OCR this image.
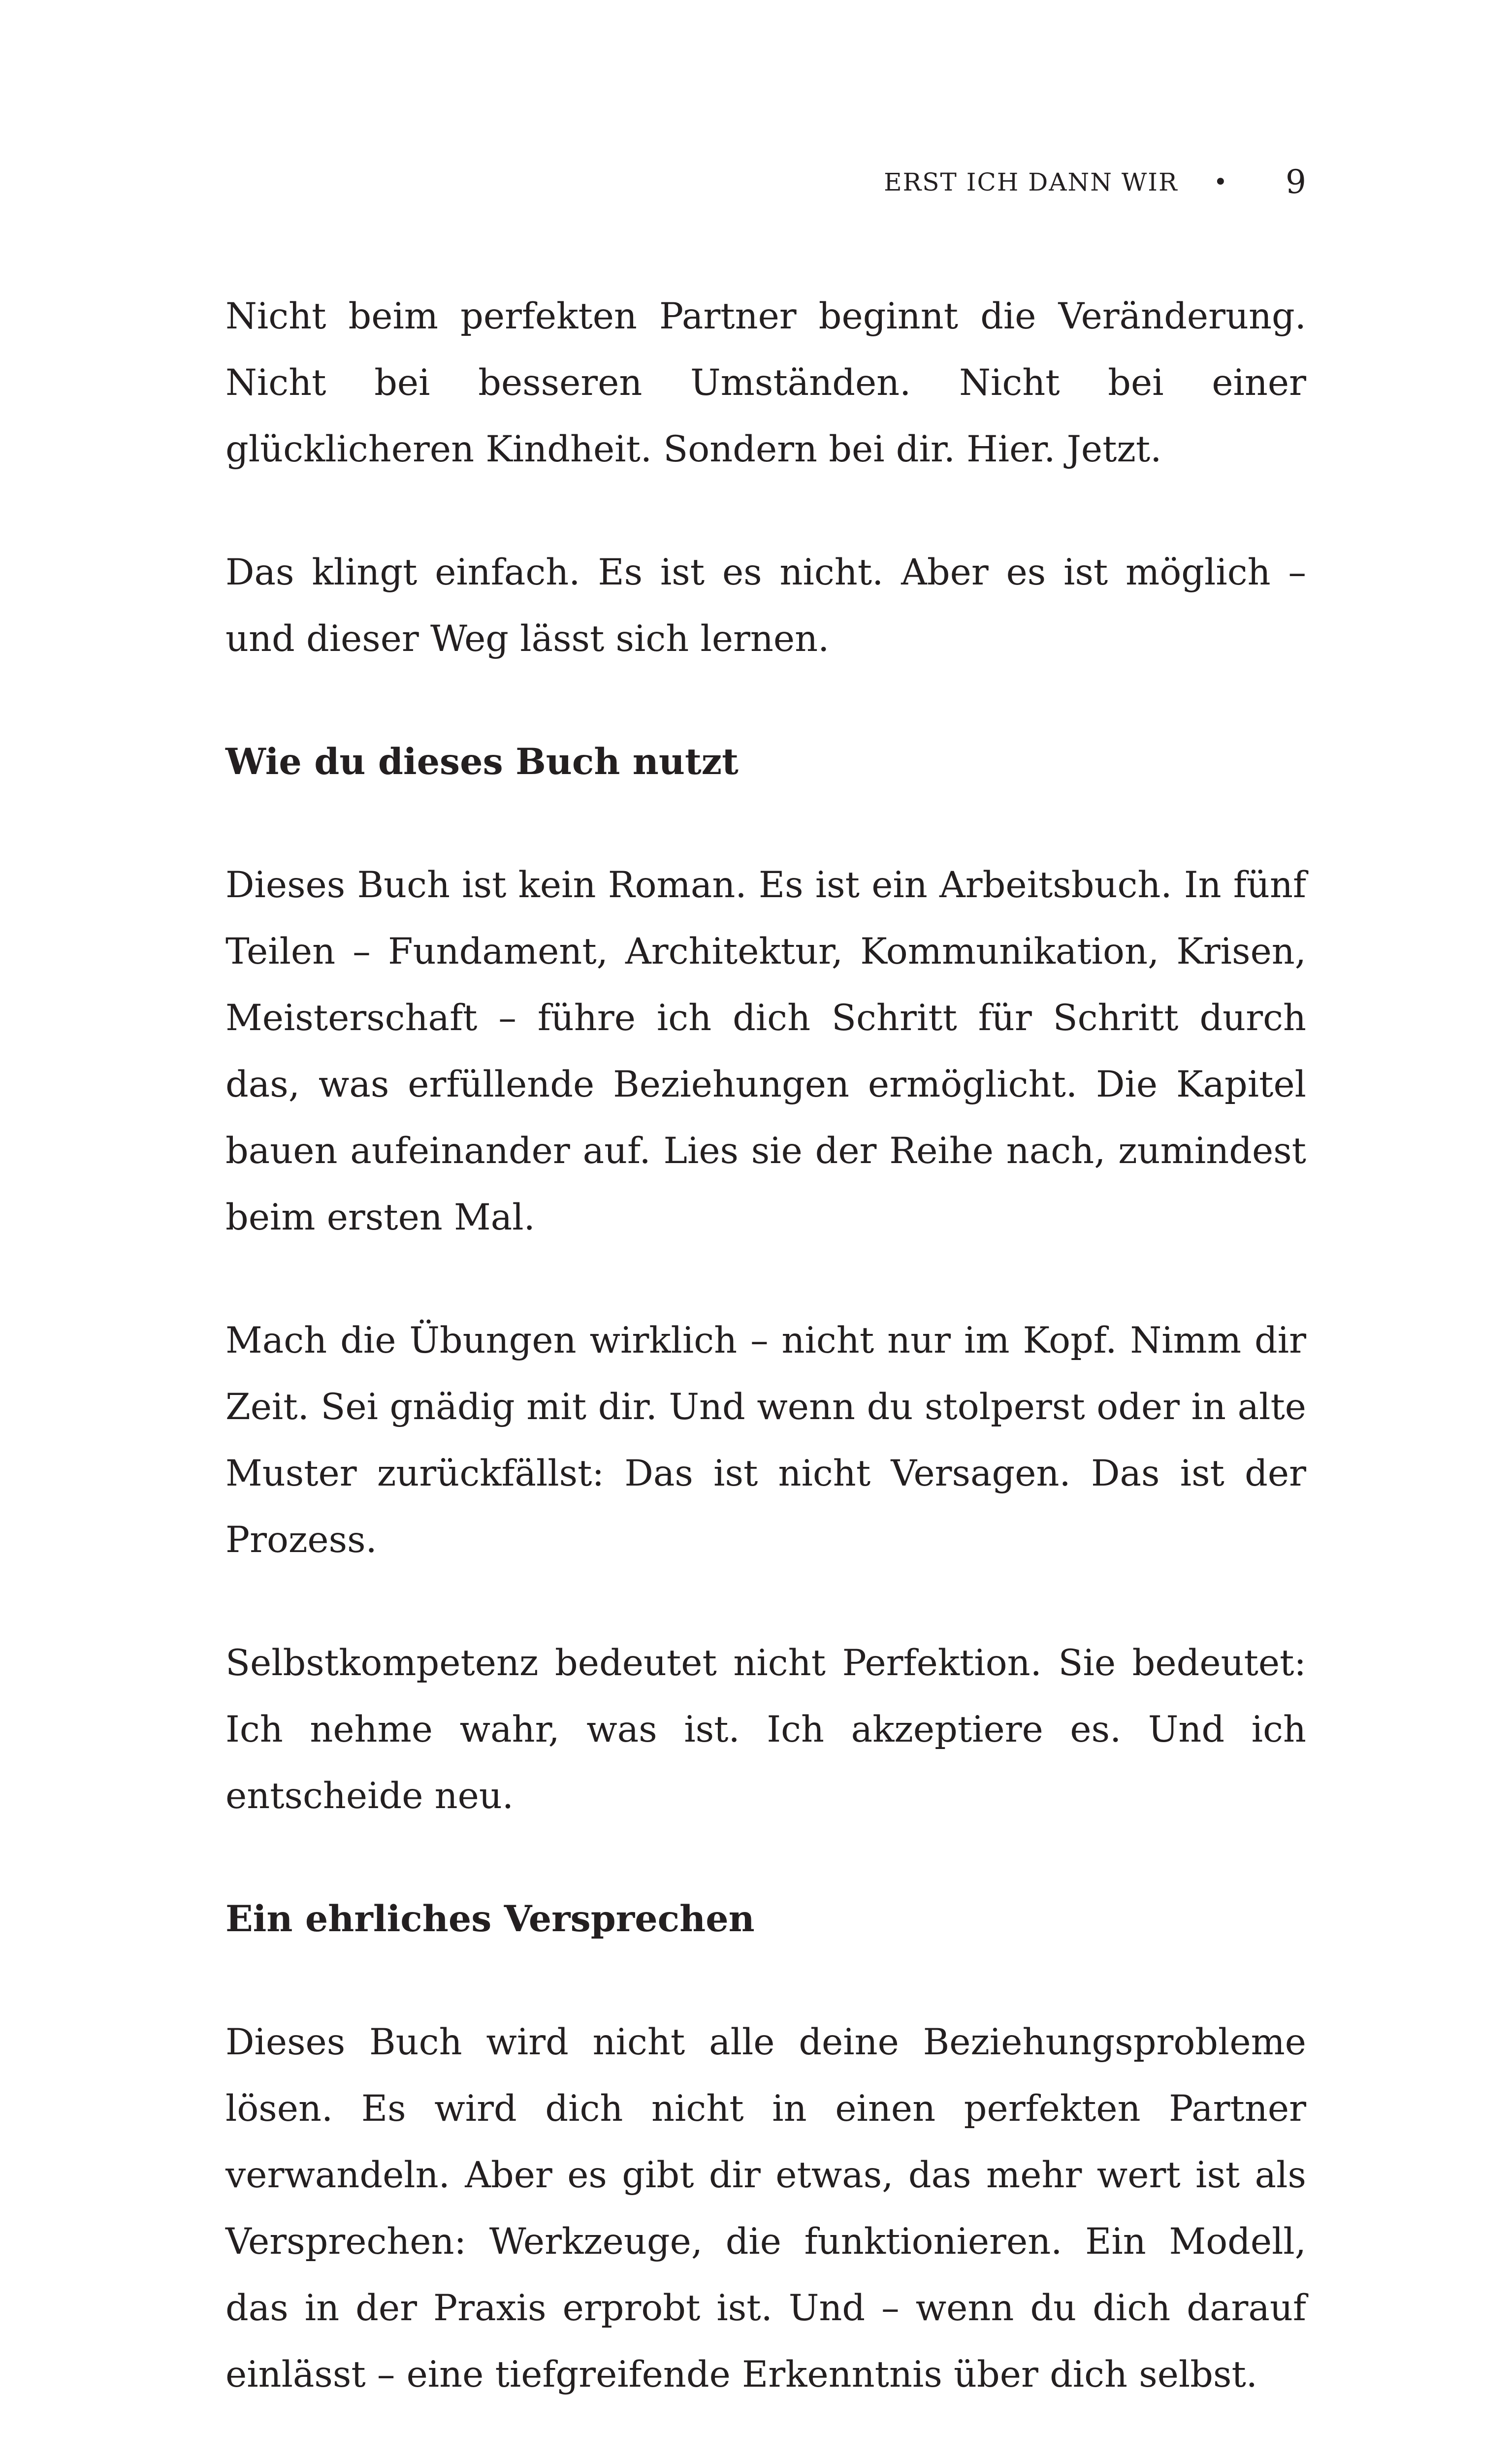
ERST ICH DANN WIR • 9

Nicht beim perfekten Partner beginnt die Veränderung. Nicht bei besseren Umständen. Nicht bei einer glücklicheren Kindheit. Sondern bei dir. Hier. Jetzt.

Das klingt einfach. Es ist es nicht. Aber es ist möglich – und dieser Weg lässt sich lernen.

Wie du dieses Buch nutzt

Dieses Buch ist kein Roman. Es ist ein Arbeitsbuch. In fünf Teilen – Fundament, Architektur, Kommunikation, Krisen, Meisterschaft – führe ich dich Schritt für Schritt durch das, was erfüllende Beziehungen ermöglicht. Die Kapitel bauen aufeinander auf. Lies sie der Reihe nach, zumindest beim ersten Mal.

Mach die Übungen wirklich – nicht nur im Kopf. Nimm dir Zeit. Sei gnädig mit dir. Und wenn du stolperst oder in alte Muster zurückfällst: Das ist nicht Versagen. Das ist der Prozess.

Selbstkompetenz bedeutet nicht Perfektion. Sie bedeutet: Ich nehme wahr, was ist. Ich akzeptiere es. Und ich entscheide neu.

Ein ehrliches Versprechen

Dieses Buch wird nicht alle deine Beziehungsprobleme lösen. Es wird dich nicht in einen perfekten Partner verwandeln. Aber es gibt dir etwas, das mehr wert ist als Versprechen: Werkzeuge, die funktionieren. Ein Modell, das in der Praxis erprobt ist. Und – wenn du dich darauf einlässt – eine tiefgreifende Erkenntnis über dich selbst.
